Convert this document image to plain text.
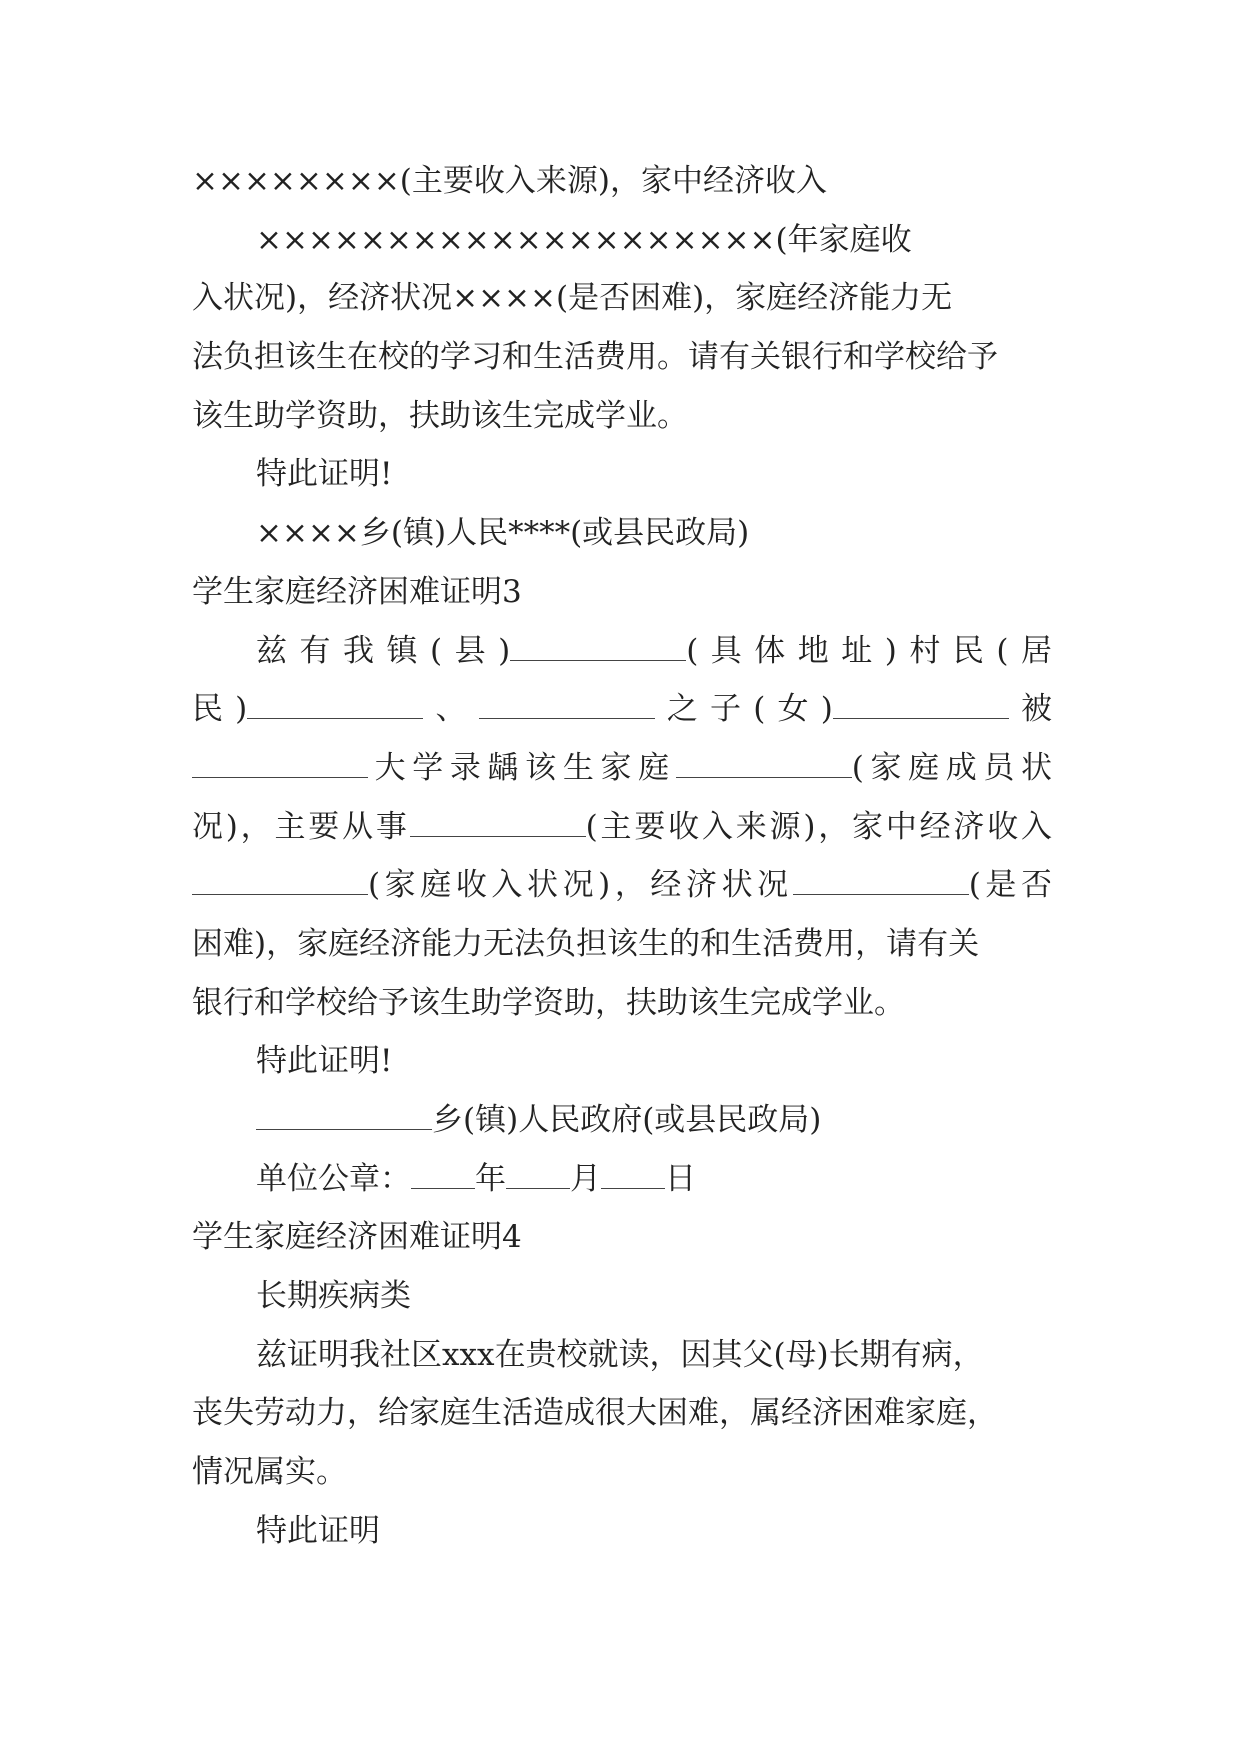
××××××××(主要收入来源)，家中经济收入
××××××××××××××××××××(年家庭收
入状况)，经济状况××××(是否困难)，家庭经济能力无
法负担该生在校的学习和生活费用。请有关银行和学校给予
该生助学资助，扶助该生完成学业。
特此证明!
××××乡(镇)人民****(或县民政局)
学生家庭经济困难证明3
兹有我镇(县)	(具体地址)村民(居
民)	、	之子(女)	被
大学录龋该生家庭	(家庭成员状
况)，主要从事	(主要收入来源)，家中经济收入
(家庭收入状况)，经济状况	(是否
困难)，家庭经济能力无法负担该生的和生活费用，请有关
银行和学校给予该生助学资助，扶助该生完成学业。
特此证明!
乡(镇)人民政府(或县民政局)
单位公章： 年 月 日
学生家庭经济困难证明4
长期疾病类
兹证明我社区xxx在贵校就读，因其父(母)长期有病，
丧失劳动力，给家庭生活造成很大困难，属经济困难家庭，
情况属实。
特此证明
